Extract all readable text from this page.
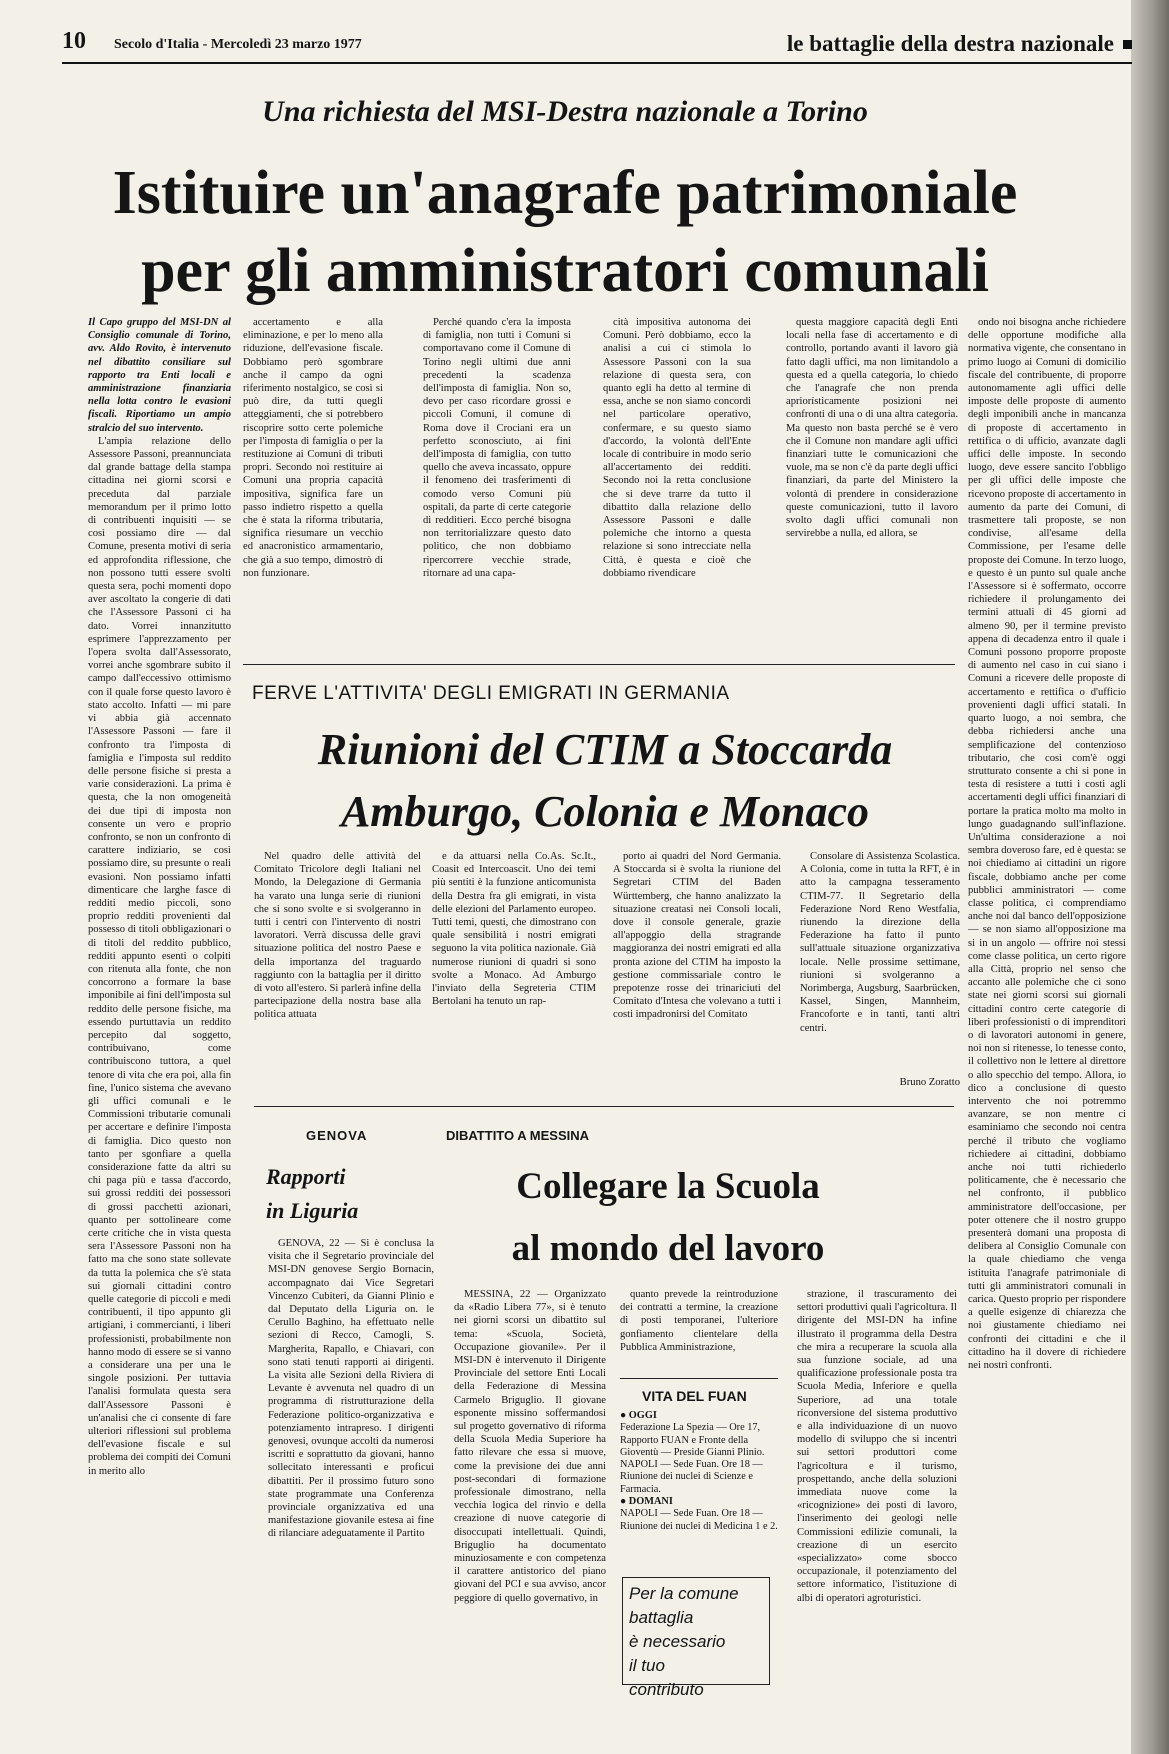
10 Secolo d'Italia - Mercoledì 23 marzo 1977	le battaglie della destra nazionale
Una richiesta del MSI-Destra nazionale a Torino
Istituire un'anagrafe patrimoniale
per gli amministratori comunali

Il Capo gruppo del MSI-DN al Consiglio comunale di Torino, avv. Aldo Rovito, è intervenuto nel dibattito consiliare sul rapporto tra Enti locali e amministrazione finanziaria nella lotta contro le evasioni fiscali. Riportiamo un ampio stralcio del suo intervento.

L'ampia relazione dello Assessore Passoni, preannunciata dal grande battage della stampa cittadina nei giorni scorsi e preceduta dal parziale memorandum per il primo lotto di contribuenti inquisiti — se così possiamo dire — dal Comune, presenta motivi di seria ed approfondita riflessione, che non possono tutti essere svolti questa sera, pochi momenti dopo aver ascoltato la congerie di dati che l'Assessore Passoni ci ha dato. Vorrei innanzitutto esprimere l'apprezzamento per l'opera svolta dall'Assessorato, vorrei anche sgombrare subito il campo dall'eccessivo ottimismo con il quale forse questo lavoro è stato accolto. Infatti — mi pare vi abbia già accennato l'Assessore Passoni — fare il confronto tra l'imposta di famiglia e l'imposta sul reddito delle persone fisiche si presta a varie considerazioni. La prima è questa, che la non omogeneità dei due tipi di imposta non consente un vero e proprio confronto, se non un confronto di carattere indiziario, se così possiamo dire, su presunte o reali evasioni. Non possiamo infatti dimenticare che larghe fasce di redditi medio piccoli, sono proprio redditi provenienti dal possesso di titoli obbligazionari o di titoli del reddito pubblico, redditi appunto esenti o colpiti con ritenuta alla fonte, che non concorrono a formare la base imponibile ai fini dell'imposta sul reddito delle persone fisiche, ma essendo purtuttavia un reddito percepito dal soggetto, contribuivano, come contribuiscono tuttora, a quel tenore di vita che era poi, alla fin fine, l'unico sistema che avevano gli uffici comunali e le Commissioni tributarie comunali per accertare e definire l'imposta di famiglia. Dico questo non tanto per sgonfiare a quella considerazione fatte da altri su chi paga più e tassa d'accordo, sui grossi redditi dei possessori di grossi pacchetti azionari, quanto per sottolineare come certe critiche che in vista questa sera l'Assessore Passoni non ha fatto ma che sono state sollevate da tutta la polemica che s'è stata sui giornali cittadini contro quelle categorie di piccoli e medi contribuenti, il tipo appunto gli artigiani, i commercianti, i liberi professionisti, probabilmente non hanno modo di essere se si vanno a considerare una per una le singole posizioni. Per tuttavia l'analisi formulata questa sera dall'Assessore Passoni è un'analisi che ci consente di fare ulteriori riflessioni sul problema dell'evasione fiscale e sul problema dei compiti dei Comuni in merito allo

accertamento e alla eliminazione, e per lo meno alla riduzione, dell'evasione fiscale. Dobbiamo però sgombrare anche il campo da ogni riferimento nostalgico, se così si può dire, da tutti quegli atteggiamenti, che si potrebbero riscoprire sotto certe polemiche per l'imposta di famiglia o per la restituzione ai Comuni di tributi propri. Secondo noi restituire ai Comuni una propria capacità impositiva, significa fare un passo indietro rispetto a quella che è stata la riforma tributaria, significa riesumare un vecchio ed anacronistico armamentario, che già a suo tempo, dimostrò di non funzionare.

Perché quando c'era la imposta di famiglia, non tutti i Comuni si comportavano come il Comune di Torino negli ultimi due anni precedenti la scadenza dell'imposta di famiglia. Non so, devo per caso ricordare grossi e piccoli Comuni, il comune di Roma dove il Crociani era un perfetto sconosciuto, ai fini dell'imposta di famiglia, con tutto quello che aveva incassato, oppure il fenomeno dei trasferimenti di comodo verso Comuni più ospitali, da parte di certe categorie di redditieri. Ecco perché bisogna non territorializzare questo dato politico, che non dobbiamo ripercorrere vecchie strade, ritornare ad una capa-

cità impositiva autonoma dei Comuni. Però dobbiamo, ecco la analisi a cui ci stimola lo Assessore Passoni con la sua relazione di questa sera, con quanto egli ha detto al termine di essa, anche se non siamo concordi nel particolare operativo, confermare, e su questo siamo d'accordo, la volontà dell'Ente locale di contribuire in modo serio all'accertamento dei redditi. Secondo noi la retta conclusione che si deve trarre da tutto il dibattito dalla relazione dello Assessore Passoni e dalle polemiche che intorno a questa relazione si sono intrecciate nella Città, è questa e cioè che dobbiamo rivendicare

questa maggiore capacità degli Enti locali nella fase di accertamento e di controllo, portando avanti il lavoro già fatto dagli uffici, ma non limitandolo a questa ed a quella categoria, lo chiedo che l'anagrafe che non prenda apriorísticamente posizioni nei confronti di una o di una altra categoria. Ma questo non basta perché se è vero che il Comune non mandare agli uffici finanziari tutte le comunicazioni che vuole, ma se non c'è da parte degli uffici finanziari, da parte del Ministero la volontà di prendere in considerazione queste comunicazioni, tutto il lavoro svolto dagli uffici comunali non servirebbe a nulla, ed allora, se

ondo noi bisogna anche richiedere delle opportune modifiche alla normativa vigente, che consentano in primo luogo ai Comuni di domicilio fiscale del contribuente, di proporre autonomamente agli uffici delle imposte delle proposte di aumento degli imponibili anche in mancanza di proposte di accertamento in rettifica o di ufficio, avanzate dagli uffici delle imposte. In secondo luogo, deve essere sancito l'obbligo per gli uffici delle imposte che ricevono proposte di accertamento in aumento da parte dei Comuni, di trasmettere tali proposte, se non condivise, all'esame della Commissione, per l'esame delle proposte dei Comune. In terzo luogo, e questo è un punto sul quale anche l'Assessore si è soffermato, occorre richiedere il prolungamento dei termini attuali di 45 giorni ad almeno 90, per il termine previsto appena di decadenza entro il quale i Comuni possono proporre proposte di aumento nel caso in cui siano i Comuni a ricevere delle proposte di accertamento e rettifica o d'ufficio provenienti dagli uffici statali. In quarto luogo, a noi sembra, che debba richiedersi anche una semplificazione del contenzioso tributario, che così com'è oggi strutturato consente a chi si pone in testa di resistere a tutti i costi agli accertamenti degli uffici finanziari di portare la pratica molto ma molto in lungo guadagnando sull'inflazione. Un'ultima considerazione a noi sembra doveroso fare, ed è questa: se noi chiediamo ai cittadini un rigore fiscale, dobbiamo anche per come pubblici amministratori — come classe politica, ci comprendiamo anche noi dal banco dell'opposizione — se non siamo all'opposizione ma si in un angolo — offrire noi stessi come classe politica, un certo rigore alla Città, proprio nel senso che accanto alle polemiche che ci sono state nei giorni scorsi sui giornali cittadini contro certe categorie di liberi professionisti o di imprenditori o di lavoratori autonomi in genere, noi non si ritenesse, lo tenesse conto, il collettivo non le lettere al direttore o allo specchio del tempo. Allora, io dico a conclusione di questo intervento che noi potremmo avanzare, se non mentre ci esaminiamo che secondo noi centra perché il tributo che vogliamo richiedere ai cittadini, dobbiamo anche noi tutti richiederlo politicamente, che è necessario che nel confronto, il pubblico amministratore dell'occasione, per poter ottenere che il nostro gruppo presenterà domani una proposta di delibera al Consiglio Comunale con la quale chiediamo che venga istituita l'anagrafe patrimoniale di tutti gli amministratori comunali in carica. Questo proprio per rispondere a quelle esigenze di chiarezza che noi giustamente chiediamo nei confronti dei cittadini e che il cittadino ha il dovere di richiedere nei nostri confronti.

FERVE L'ATTIVITA' DEGLI EMIGRATI IN GERMANIA
Riunioni del CTIM a Stoccarda
Amburgo, Colonia e Monaco

Nel quadro delle attività del Comitato Tricolore degli Italiani nel Mondo, la Delegazione di Germania ha varato una lunga serie di riunioni che si sono svolte e si svolgeranno in tutti i centri con l'intervento di nostri lavoratori. Verrà discussa delle gravi situazione politica del nostro Paese e della importanza del traguardo raggiunto con la battaglia per il diritto di voto all'estero. Si parlerà infine della partecipazione della nostra base alla politica attuata

e da attuarsi nella Co.As. Sc.It., Coasit ed Intercoascit. Uno dei temi più sentiti è la funzione anticomunista della Destra fra gli emigrati, in vista delle elezioni del Parlamento europeo. Tutti temi, questi, che dimostrano con quale sensibilità i nostri emigrati seguono la vita politica nazionale. Già numerose riunioni di quadri si sono svolte a Monaco. Ad Amburgo l'inviato della Segreteria CTIM Bertolani ha tenuto un rap-

porto ai quadri del Nord Germania. A Stoccarda si è svolta la riunione del Segretari CTIM del Baden Württemberg, che hanno analizzato la situazione creatasi nei Consoli locali, dove il console generale, grazie all'appoggio della stragrande maggioranza dei nostri emigrati ed alla pronta azione del CTIM ha imposto la gestione commissariale contro le prepotenze rosse dei trinariciuti del Comitato d'Intesa che volevano a tutti i costi impadronirsi del Comitato

Consolare di Assistenza Scolastica. A Colonia, come in tutta la RFT, è in atto la campagna tesseramento CTIM-77. Il Segretario della Federazione Nord Reno Westfalia, riunendo la direzione della Federazione ha fatto il punto sull'attuale situazione organizzativa locale. Nelle prossime settimane, riunioni si svolgeranno a Norimberga, Augsburg, Saarbrücken, Kassel, Singen, Mannheim, Francoforte e in tanti, tanti altri centri.

Bruno Zoratto
GENOVA
Rapporti
in Liguria

GENOVA, 22 — Si è conclusa la visita che il Segretario provinciale del MSI-DN genovese Sergio Bornacin, accompagnato dai Vice Segretari Vincenzo Cubiteri, da Gianni Plinio e dal Deputato della Liguria on. le Cerullo Baghino, ha effettuato nelle sezioni di Recco, Camogli, S. Margherita, Rapallo, e Chiavari, con sono stati tenuti rapporti ai dirigenti. La visita alle Sezioni della Riviera di Levante è avvenuta nel quadro di un programma di ristrutturazione della Federazione politico-organizzativa e potenziamento intrapreso. I dirigenti genovesi, ovunque accolti da numerosi iscritti e soprattutto da giovani, hanno sollecitato interessanti e proficui dibattiti. Per il prossimo futuro sono state programmate una Conferenza provinciale organizzativa ed una manifestazione giovanile estesa ai fine di rilanciare adeguatamente il Partito

DIBATTITO A MESSINA
Collegare la Scuola
al mondo del lavoro

MESSINA, 22 — Organizzato da «Radio Libera 77», si è tenuto nei giorni scorsi un dibattito sul tema: «Scuola, Società, Occupazione giovanile». Per il MSI-DN è intervenuto il Dirigente Provinciale del settore Enti Locali della Federazione di Messina Carmelo Briguglio. Il giovane esponente missino soffermandosi sul progetto governativo di riforma della Scuola Media Superiore ha fatto rilevare che essa si muove, come la previsione dei due anni post-secondari di formazione professionale dimostrano, nella vecchia logica del rinvio e della creazione di nuove categorie di disoccupati intellettuali. Quindi, Briguglio ha documentato minuziosamente e con competenza il carattere antistorico del piano giovani del PCI e sua avviso, ancor peggiore di quello governativo, in

quanto prevede la reintroduzione dei contratti a termine, la creazione di posti temporanei, l'ulteriore gonfiamento clientelare della Pubblica Amministrazione,

strazione, il trascuramento dei settori produttivi quali l'agricoltura. Il dirigente del MSI-DN ha infine illustrato il programma della Destra che mira a recuperare la scuola alla sua funzione sociale, ad una qualificazione professionale posta tra Scuola Media, Inferiore e quella Superiore, ad una totale riconversione del sistema produttivo e alla individuazione di un nuovo modello di sviluppo che si incentri sui settori produttori come l'agricoltura e il turismo, prospettando, anche della soluzioni immediata nuove come la «ricognizione» dei posti di lavoro, l'inserimento dei geologi nelle Commissioni edilizie comunali, la creazione di un esercito «specializzato» come sbocco occupazionale, il potenziamento del settore informatico, l'istituzione di albi di operatori agroturistici.

VITA DEL FUAN
● OGGI
Federazione La Spezia — Ore 17, Rapporto FUAN e Fronte della Gioventù — Preside Gianni Plinio. NAPOLI — Sede Fuan. Ore 18 — Riunione dei nuclei di Scienze e Farmacia.
● DOMANI
NAPOLI — Sede Fuan. Ore 18 — Riunione dei nuclei di Medicina 1 e 2.
Per la comune
battaglia
è necessario
il tuo
contributo
